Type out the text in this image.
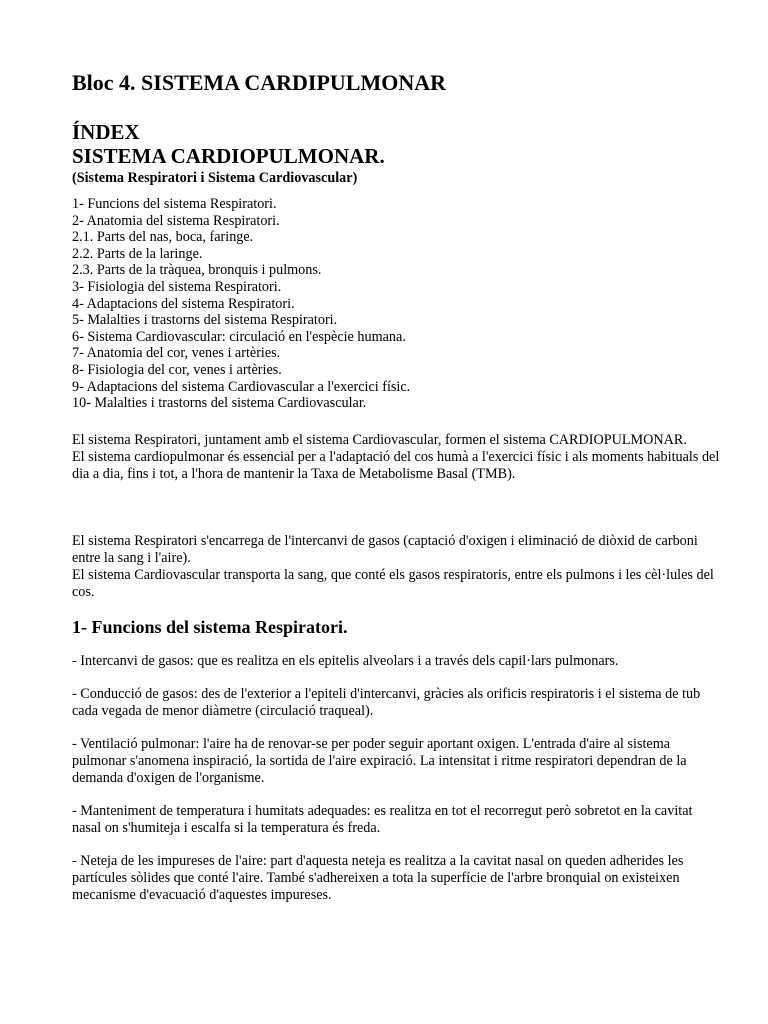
Bloc 4. SISTEMA CARDIPULMONAR
ÍNDEX
SISTEMA CARDIOPULMONAR.
(Sistema Respiratori i Sistema Cardiovascular)
1- Funcions del sistema Respiratori.
2- Anatomia del sistema Respiratori.
2.1. Parts del nas, boca, faringe.
2.2. Parts de la laringe.
2.3. Parts de la tràquea, bronquis i pulmons.
3- Fisiologia del sistema Respiratori.
4- Adaptacions del sistema Respiratori.
5- Malalties i trastorns del sistema Respiratori.
6- Sistema Cardiovascular: circulació en l'espècie humana.
7- Anatomia del cor, venes i artèries.
8- Fisiologia del cor, venes i artèries.
9- Adaptacions del sistema Cardiovascular a l'exercici físic.
10- Malalties i trastorns del sistema Cardiovascular.

El sistema Respiratori, juntament amb el sistema Cardiovascular, formen el sistema CARDIOPULMONAR.

El sistema cardiopulmonar és essencial per a l'adaptació del cos humà a l'exercici físic i als moments habituals del dia a dia, fins i tot, a l'hora de mantenir la Taxa de Metabolisme Basal (TMB).

El sistema Respiratori s'encarrega de l'intercanvi de gasos (captació d'oxigen i eliminació de diòxid de carboni entre la sang i l'aire).

El sistema Cardiovascular transporta la sang, que conté els gasos respiratoris, entre els pulmons i les cèl·lules del cos.

1- Funcions del sistema Respiratori.

- Intercanvi de gasos: que es realitza en els epitelis alveolars i a través dels capil·lars pulmonars.

- Conducció de gasos: des de l'exterior a l'epiteli d'intercanvi, gràcies als orificis respiratoris i el sistema de tub cada vegada de menor diàmetre (circulació traqueal).

- Ventilació pulmonar: l'aire ha de renovar-se per poder seguir aportant oxigen. L'entrada d'aire al sistema pulmonar s'anomena inspiració, la sortida de l'aire expiració. La intensitat i ritme respiratori dependran de la demanda d'oxigen de l'organisme.

- Manteniment de temperatura i humitats adequades: es realitza en tot el recorregut però sobretot en la cavitat nasal on s'humiteja i escalfa si la temperatura és freda.

- Neteja de les impureses de l'aire: part d'aquesta neteja es realitza a la cavitat nasal on queden adherides les partícules sòlides que conté l'aire. També s'adhereixen a tota la superfície de l'arbre bronquial on existeixen mecanisme d'evacuació d'aquestes impureses.
